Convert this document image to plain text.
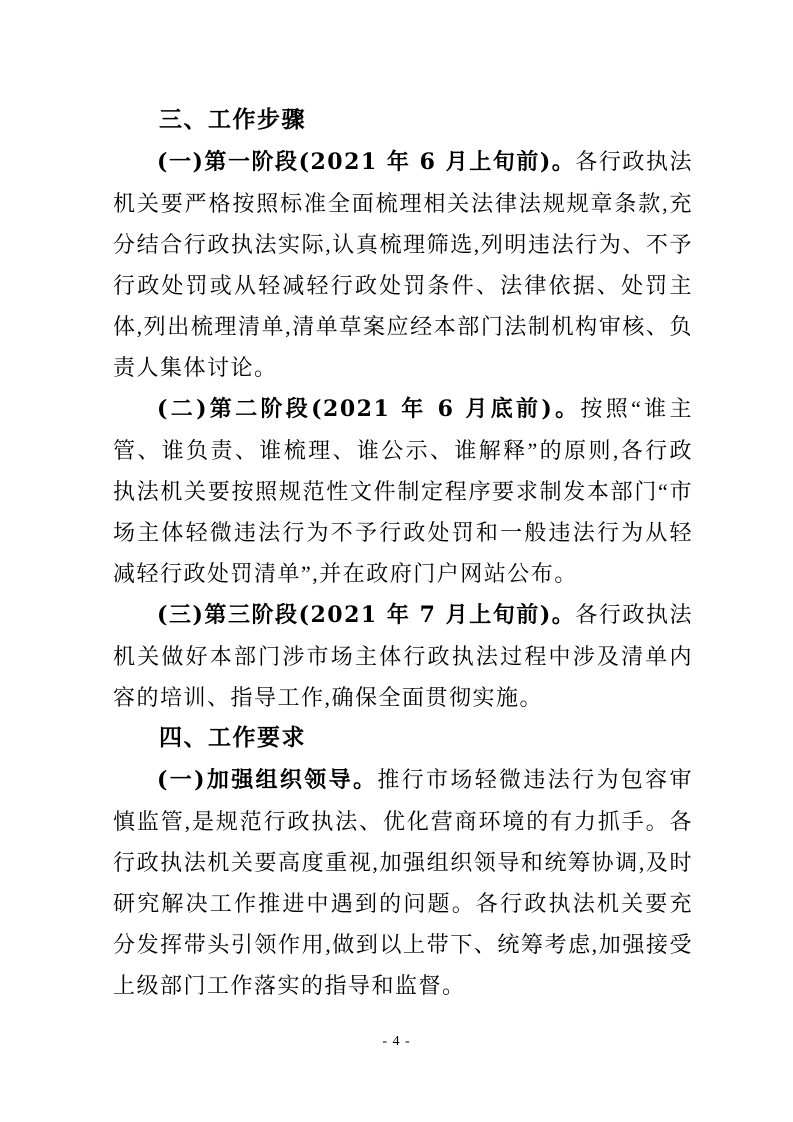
三、工作步骤

(一)第一阶段(2021 年 6 月上旬前)。各行政执法机关要严格按照标准全面梳理相关法律法规规章条款,充分结合行政执法实际,认真梳理筛选,列明违法行为、不予行政处罚或从轻减轻行政处罚条件、法律依据、处罚主体,列出梳理清单,清单草案应经本部门法制机构审核、负责人集体讨论。

(二)第二阶段(2021 年 6 月底前)。按照“谁主管、谁负责、谁梳理、谁公示、谁解释”的原则,各行政执法机关要按照规范性文件制定程序要求制发本部门“市场主体轻微违法行为不予行政处罚和一般违法行为从轻减轻行政处罚清单”,并在政府门户网站公布。

(三)第三阶段(2021 年 7 月上旬前)。各行政执法机关做好本部门涉市场主体行政执法过程中涉及清单内容的培训、指导工作,确保全面贯彻实施。

四、工作要求

(一)加强组织领导。推行市场轻微违法行为包容审慎监管,是规范行政执法、优化营商环境的有力抓手。各行政执法机关要高度重视,加强组织领导和统筹协调,及时研究解决工作推进中遇到的问题。各行政执法机关要充分发挥带头引领作用,做到以上带下、统筹考虑,加强接受上级部门工作落实的指导和监督。

- 4 -
